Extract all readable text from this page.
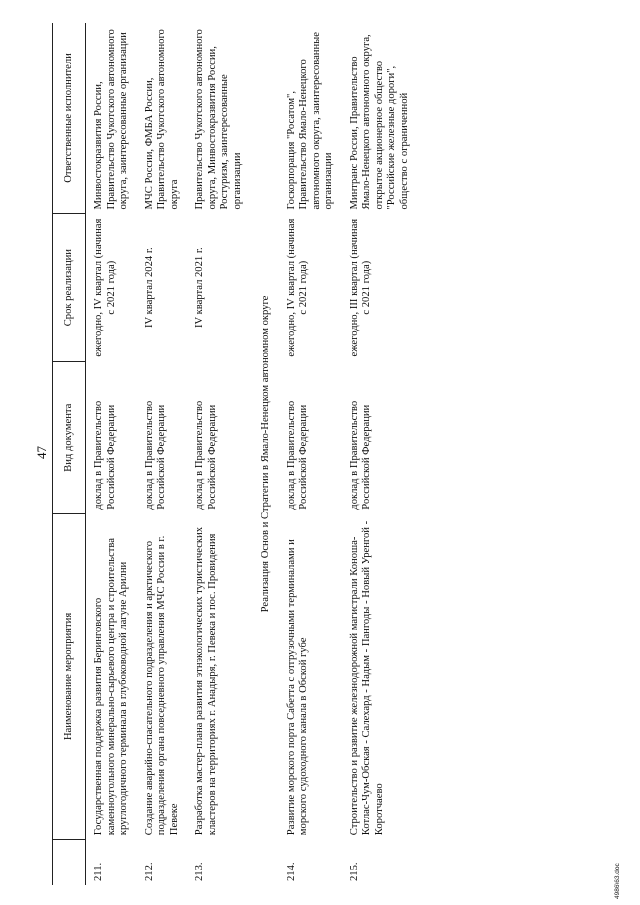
47
	Наименование мероприятия	Вид документа	Срок реализации	Ответственные исполнители
211.	Государственная поддержка развития Беринговского каменноугольного минерально-сырьевого центра и строительства круглогодичного терминала в глубоководной лагуне Арилни	доклад в Правительство Российской Федерации	ежегодно, IV квартал (начиная с 2021 года)	Минвостокразвития России, Правительство Чукотского автономного округа, заинтересованные организации
212.	Создание аварийно-спасательного подразделения и арктического подразделения органа повседневного управления МЧС России в г. Певеке	доклад в Правительство Российской Федерации	IV квартал 2024 г.	МЧС России, ФМБА России, Правительство Чукотского автономного округа
213.	Разработка мастер-плана развития этнэкологических туристических кластеров на территориях г. Анадыря, г. Певека и пос. Провидения	доклад в Правительство Российской Федерации	IV квартал 2021 г.	Правительство Чукотского автономного округа, Минвостокразвития России, Ростуризм, заинтересованные организации
Реализация Основ и Стратегии в Ямало-Ненецком автономном округе				
214.	Развитие морского порта Сабетта с отгрузочными терминалами и морского судоходного канала в Обской губе	доклад в Правительство Российской Федерации	ежегодно, IV квартал (начиная с 2021 года)	Госкорпорация "Росатом", Правительство Ямало-Ненецкого автономного округа, заинтересованные организации
215.	Строительство и развитие железнодорожной магистрали Коноша-Котлас-Чум-Обская - Салехард - Надым - Пангоды - Новый Уренгой - Коротчаево	доклад в Правительство Российской Федерации	ежегодно, III квартал (начиная с 2021 года)	Минтранс России, Правительство Ямало-Ненецкого автономного округа, открытое акционерное общество "Российские железные дороги", общество с ограниченной
4986\63.doc
